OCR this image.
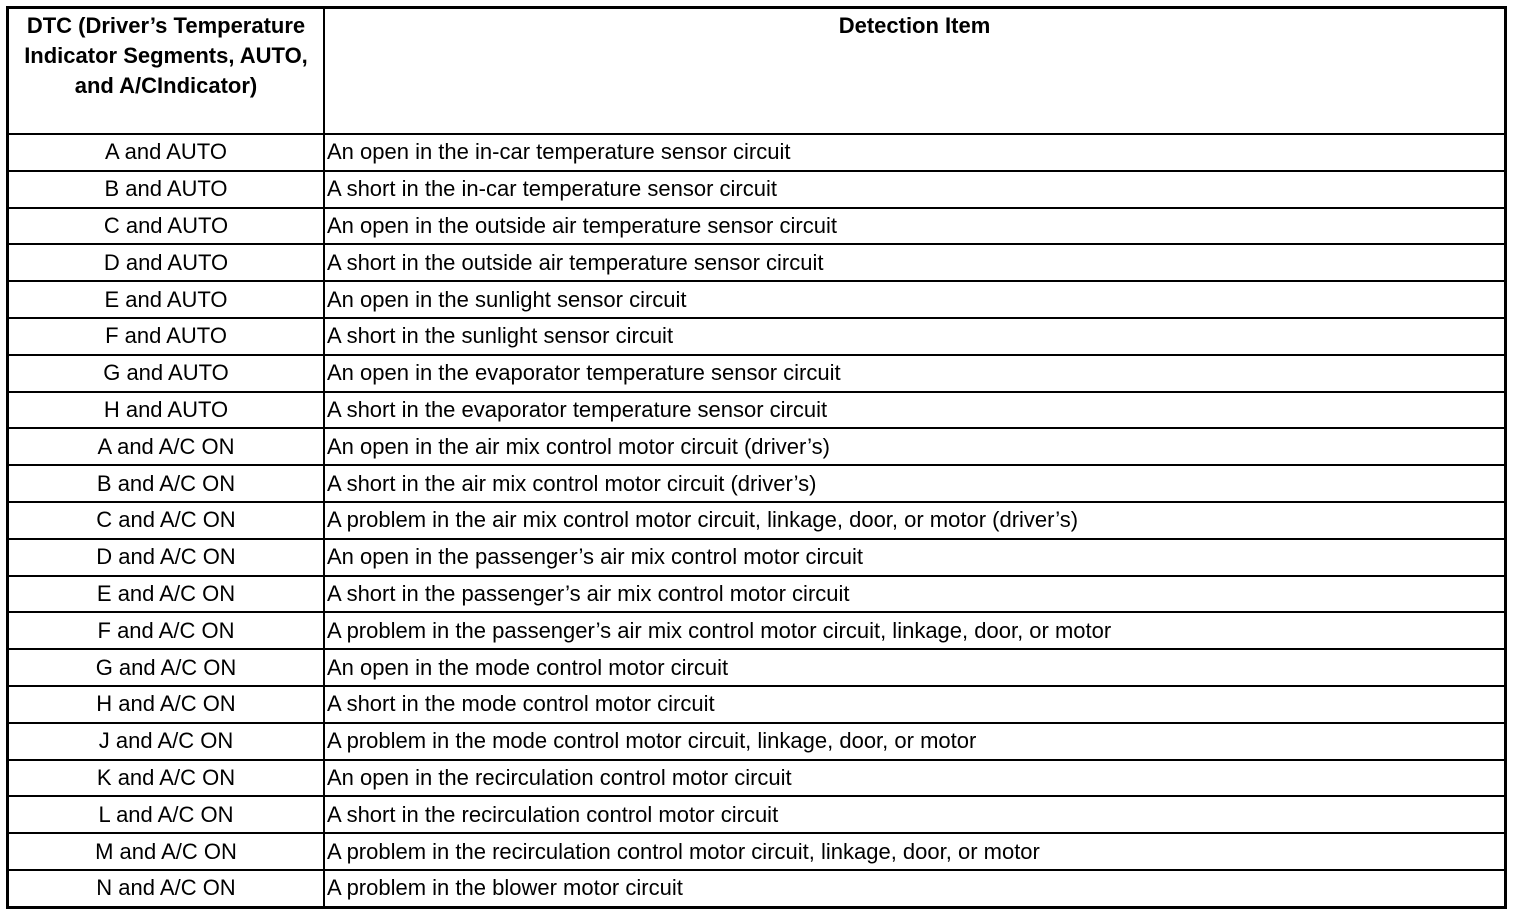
DTC (Driver’s Temperature Indicator Segments, AUTO, and A/CIndicator)	Detection Item
A and AUTO	An open in the in-car temperature sensor circuit
B and AUTO	A short in the in-car temperature sensor circuit
C and AUTO	An open in the outside air temperature sensor circuit
D and AUTO	A short in the outside air temperature sensor circuit
E and AUTO	An open in the sunlight sensor circuit
F and AUTO	A short in the sunlight sensor circuit
G and AUTO	An open in the evaporator temperature sensor circuit
H and AUTO	A short in the evaporator temperature sensor circuit
A and A/C ON	An open in the air mix control motor circuit (driver’s)
B and A/C ON	A short in the air mix control motor circuit (driver’s)
C and A/C ON	A problem in the air mix control motor circuit, linkage, door, or motor (driver’s)
D and A/C ON	An open in the passenger’s air mix control motor circuit
E and A/C ON	A short in the passenger’s air mix control motor circuit
F and A/C ON	A problem in the passenger’s air mix control motor circuit, linkage, door, or motor
G and A/C ON	An open in the mode control motor circuit
H and A/C ON	A short in the mode control motor circuit
J and A/C ON	A problem in the mode control motor circuit, linkage, door, or motor
K and A/C ON	An open in the recirculation control motor circuit
L and A/C ON	A short in the recirculation control motor circuit
M and A/C ON	A problem in the recirculation control motor circuit, linkage, door, or motor
N and A/C ON	A problem in the blower motor circuit
